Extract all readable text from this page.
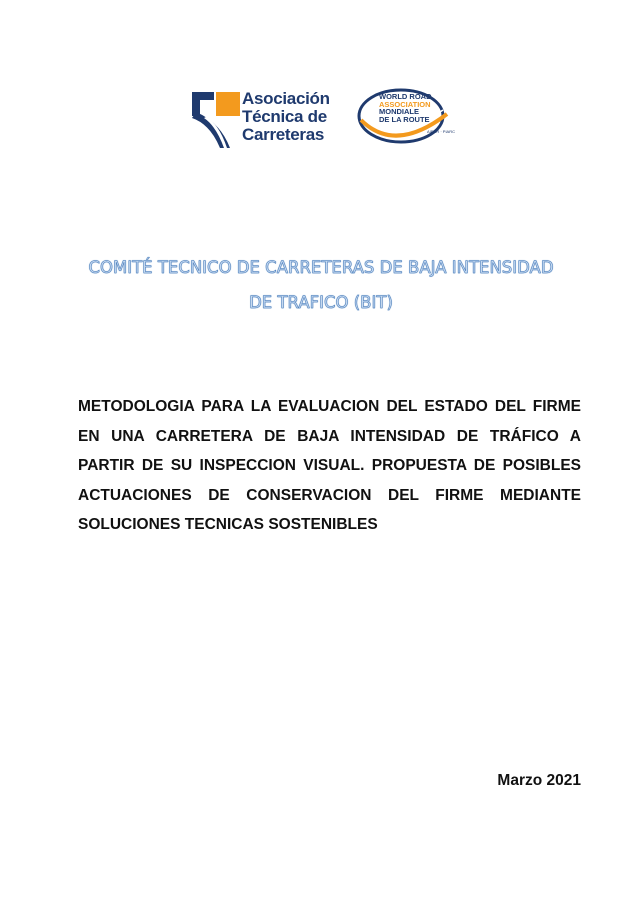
Asociación
Técnica de
Carreteras
WORLD ROAD
ASSOCIATION
MONDIALE
DE LA ROUTE
AIPCR · PIARC
COMITÉ TECNICO DE CARRETERAS DE BAJA INTENSIDAD
DE TRAFICO (BIT)
METODOLOGIA PARA LA EVALUACION DEL ESTADO DEL FIRME
EN UNA CARRETERA DE BAJA INTENSIDAD DE TRÁFICO A
PARTIR DE SU INSPECCION VISUAL. PROPUESTA DE POSIBLES
ACTUACIONES DE CONSERVACION DEL FIRME MEDIANTE
SOLUCIONES TECNICAS SOSTENIBLES
Marzo 2021
